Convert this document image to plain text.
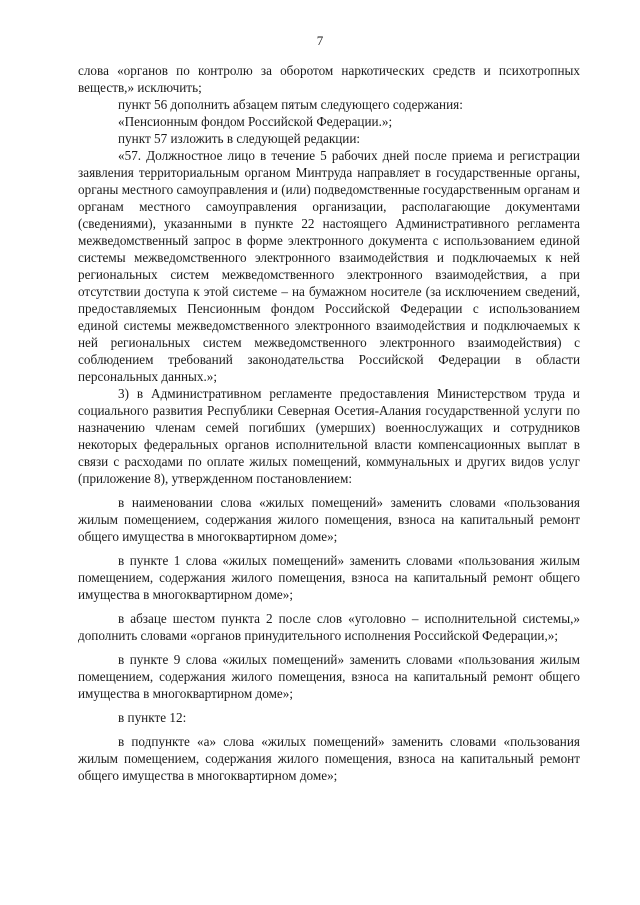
7

слова «органов по контролю за оборотом наркотических средств и психотропных веществ,» исключить;

пункт 56 дополнить абзацем пятым следующего содержания:

«Пенсионным фондом Российской Федерации.»;

пункт 57 изложить в следующей редакции:

«57. Должностное лицо в течение 5 рабочих дней после приема и регистрации заявления территориальным органом Минтруда направляет в государственные органы, органы местного самоуправления и (или) подведомственные государственным органам и органам местного самоуправления организации, располагающие документами (сведениями), указанными в пункте 22 настоящего Административного регламента межведомственный запрос в форме электронного документа с использованием единой системы межведомственного электронного взаимодействия и подключаемых к ней региональных систем межведомственного электронного взаимодействия, а при отсутствии доступа к этой системе – на бумажном носителе (за исключением сведений, предоставляемых Пенсионным фондом Российской Федерации с использованием единой системы межведомственного электронного взаимодействия и подключаемых к ней региональных систем межведомственного электронного взаимодействия) с соблюдением требований законодательства Российской Федерации в области персональных данных.»;

3) в Административном регламенте предоставления Министерством труда и социального развития Республики Северная Осетия-Алания государственной услуги по назначению членам семей погибших (умерших) военнослужащих и сотрудников некоторых федеральных органов исполнительной власти компенсационных выплат в связи с расходами по оплате жилых помещений, коммунальных и других видов услуг (приложение 8), утвержденном постановлением:

в наименовании слова «жилых помещений» заменить словами «пользования жилым помещением, содержания жилого помещения, взноса на капитальный ремонт общего имущества в многоквартирном доме»;

в пункте 1 слова «жилых помещений» заменить словами «пользования жилым помещением, содержания жилого помещения, взноса на капитальный ремонт общего имущества в многоквартирном доме»;

в абзаце шестом пункта 2 после слов «уголовно – исполнительной системы,» дополнить словами «органов принудительного исполнения Российской Федерации,»;

в пункте 9 слова «жилых помещений» заменить словами «пользования жилым помещением, содержания жилого помещения, взноса на капитальный ремонт общего имущества в многоквартирном доме»;

в пункте 12:

в подпункте «а» слова «жилых помещений» заменить словами «пользования жилым помещением, содержания жилого помещения, взноса на капитальный ремонт общего имущества в многоквартирном доме»;
